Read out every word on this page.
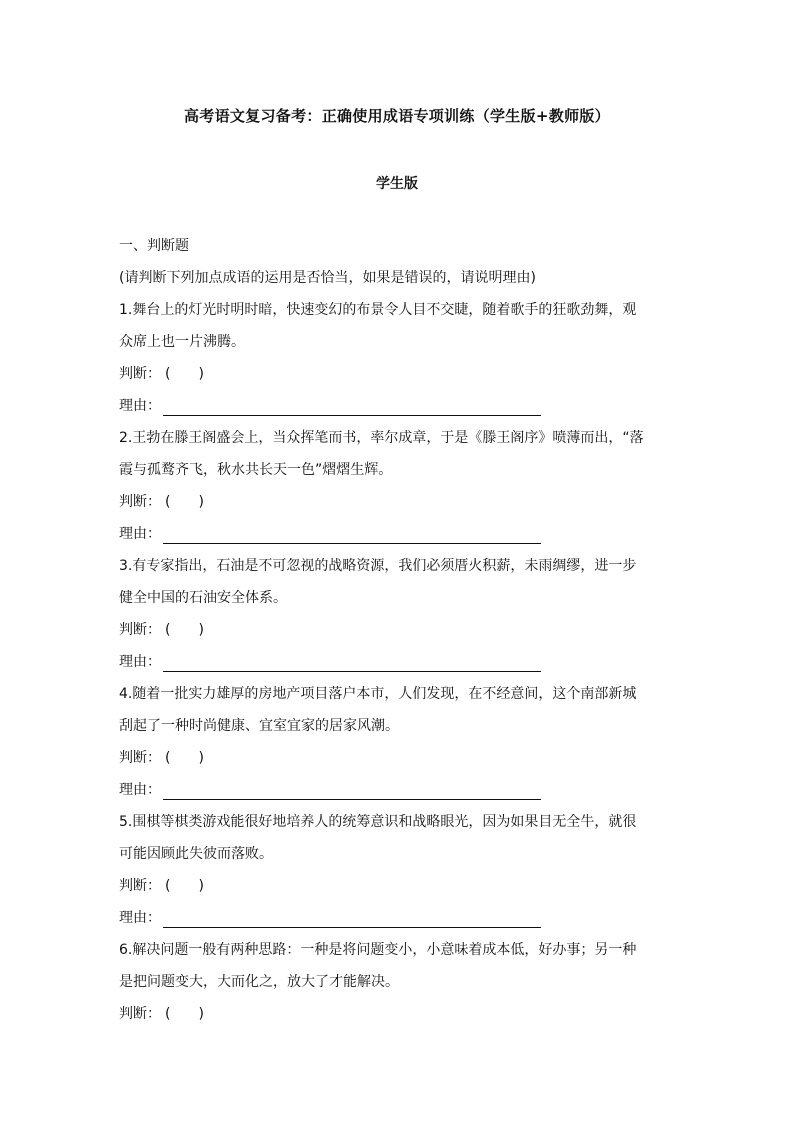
高考语文复习备考：正确使用成语专项训练（学生版+教师版）
学生版
一、判断题
(请判断下列加点成语的运用是否恰当，如果是错误的，请说明理由)
1.舞台上的灯光时明时暗，快速变幻的布景令人目不交睫，随着歌手的狂歌劲舞，观
众席上也一片沸腾。
判断： (　　)
理由：
2.王勃在滕王阁盛会上，当众挥笔而书，率尔成章，于是《滕王阁序》喷薄而出，“落
霞与孤鹜齐飞，秋水共长天一色”熠熠生辉。
判断： (　　)
理由：
3.有专家指出，石油是不可忽视的战略资源，我们必须厝火积薪，未雨绸缪，进一步
健全中国的石油安全体系。
判断： (　　)
理由：
4.随着一批实力雄厚的房地产项目落户本市，人们发现，在不经意间，这个南部新城
刮起了一种时尚健康、宜室宜家的居家风潮。
判断： (　　)
理由：
5.围棋等棋类游戏能很好地培养人的统筹意识和战略眼光，因为如果目无全牛，就很
可能因顾此失彼而落败。
判断： (　　)
理由：
6.解决问题一般有两种思路：一种是将问题变小，小意味着成本低，好办事；另一种
是把问题变大，大而化之，放大了才能解决。
判断： (　　)
